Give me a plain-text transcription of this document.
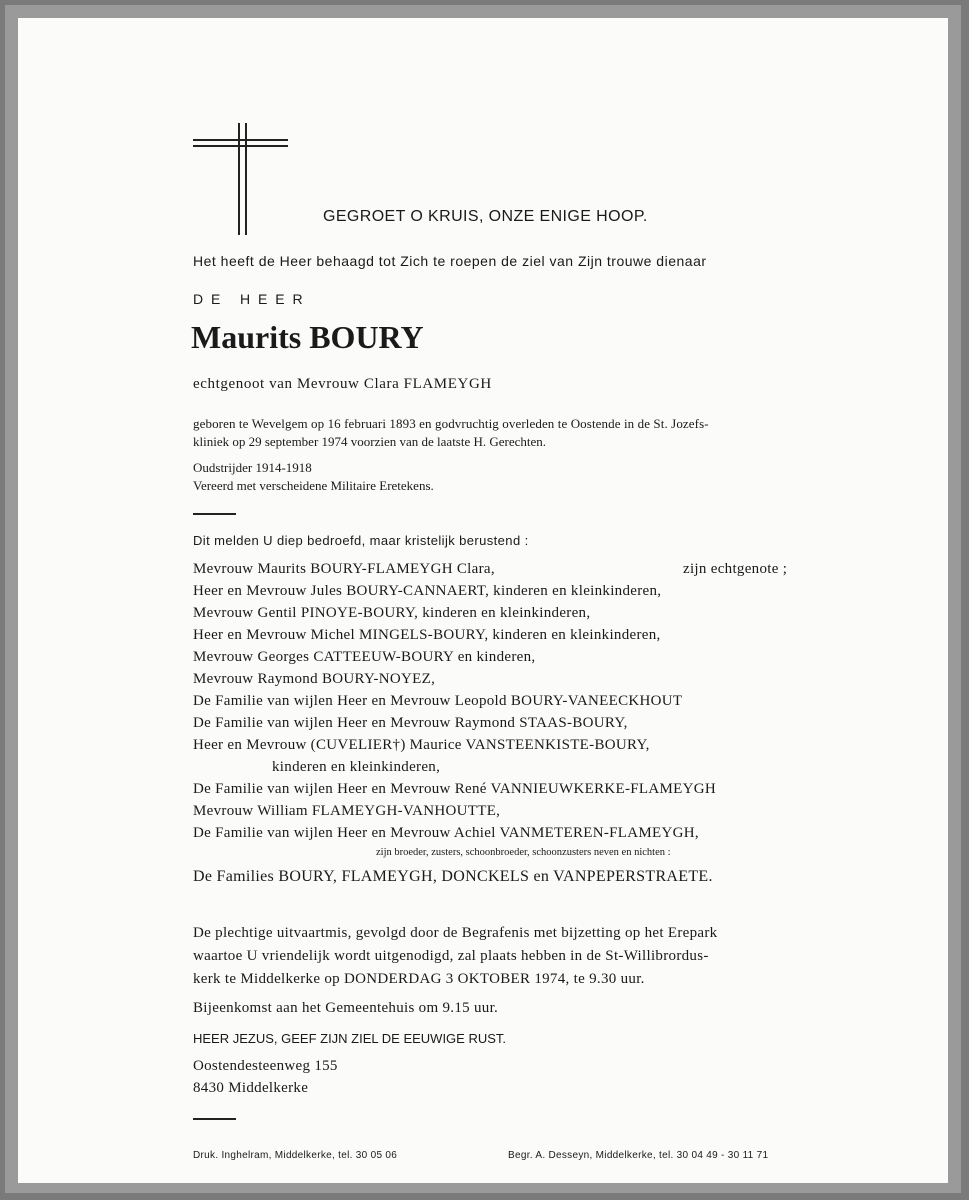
GEGROET O KRUIS, ONZE ENIGE HOOP.
Het heeft de Heer behaagd tot Zich te roepen de ziel van Zijn trouwe dienaar
D E   H E E R
Maurits BOURY
echtgenoot van Mevrouw Clara FLAMEYGH
geboren te Wevelgem op 16 februari 1893 en godvruchtig overleden te Oostende in de St. Jozefs-
kliniek op 29 september 1974 voorzien van de laatste H. Gerechten.
Oudstrijder 1914-1918
Vereerd met verscheidene Militaire Eretekens.
Dit melden U diep bedroefd, maar kristelijk berustend :
Mevrouw Maurits BOURY-FLAMEYGH Clara,	zijn echtgenote ;
Heer en Mevrouw Jules BOURY-CANNAERT, kinderen en kleinkinderen,
Mevrouw Gentil PINOYE-BOURY, kinderen en kleinkinderen,
Heer en Mevrouw Michel MINGELS-BOURY, kinderen en kleinkinderen,
Mevrouw Georges CATTEEUW-BOURY en kinderen,
Mevrouw Raymond BOURY-NOYEZ,
De Familie van wijlen Heer en Mevrouw Leopold BOURY-VANEECKHOUT
De Familie van wijlen Heer en Mevrouw Raymond STAAS-BOURY,
Heer en Mevrouw (CUVELIER†) Maurice VANSTEENKISTE-BOURY,
kinderen en kleinkinderen,
De Familie van wijlen Heer en Mevrouw René VANNIEUWKERKE-FLAMEYGH
Mevrouw William FLAMEYGH-VANHOUTTE,
De Familie van wijlen Heer en Mevrouw Achiel VANMETEREN-FLAMEYGH,
zijn broeder, zusters, schoonbroeder, schoonzusters neven en nichten :
De Families BOURY, FLAMEYGH, DONCKELS en VANPEPERSTRAETE.
De plechtige uitvaartmis, gevolgd door de Begrafenis met bijzetting op het Erepark
waartoe U vriendelijk wordt uitgenodigd, zal plaats hebben in de St-Willibrordus-
kerk te Middelkerke op DONDERDAG 3 OKTOBER 1974, te 9.30 uur.
Bijeenkomst aan het Gemeentehuis om 9.15 uur.
HEER JEZUS, GEEF ZIJN ZIEL DE EEUWIGE RUST.
Oostendesteenweg 155
8430 Middelkerke
Druk. Inghelram, Middelkerke, tel. 30 05 06	Begr. A. Desseyn, Middelkerke, tel. 30 04 49 - 30 11 71
